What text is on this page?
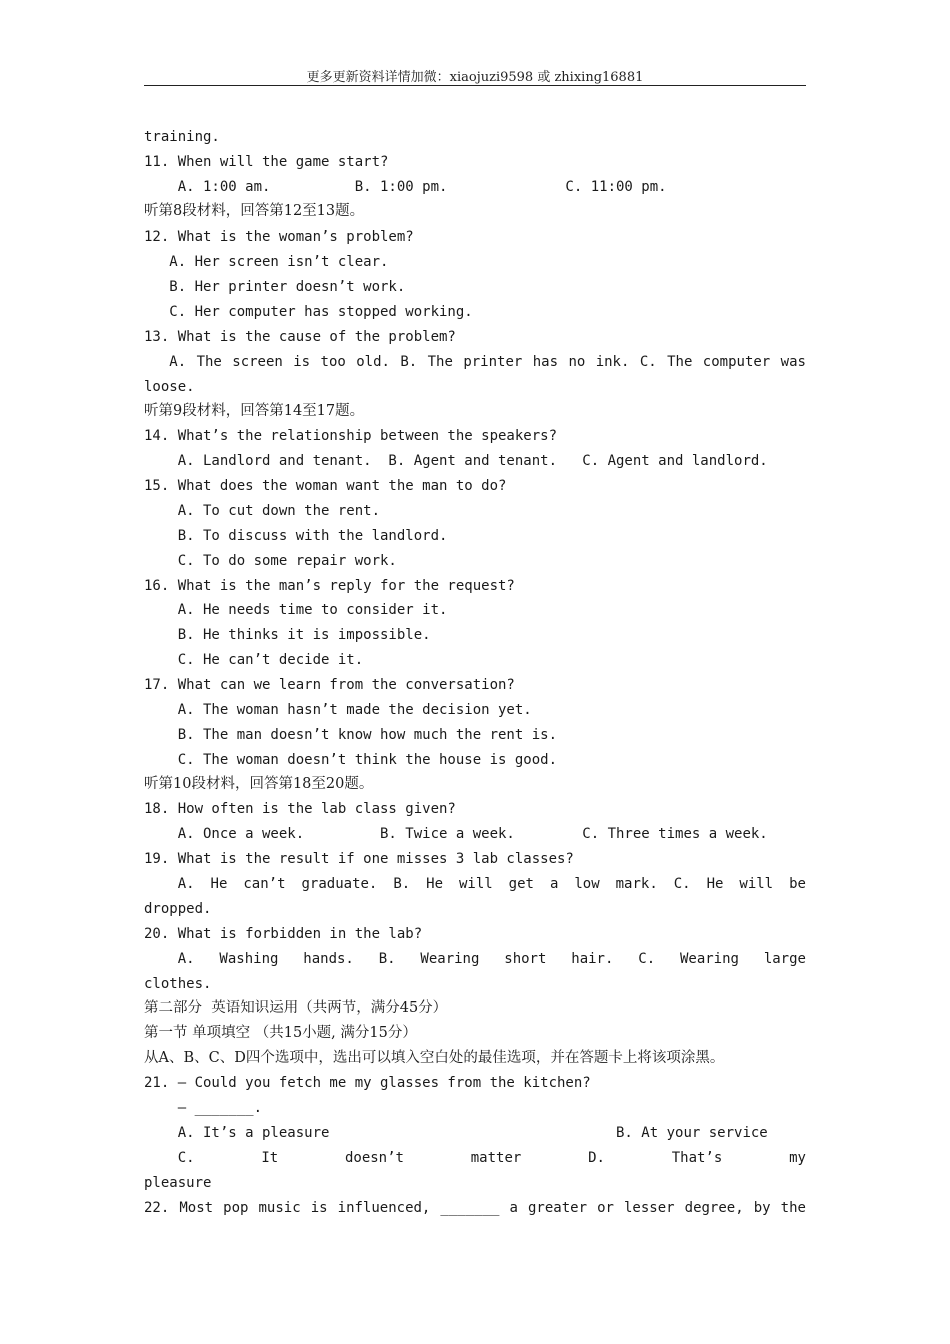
更多更新资料详情加微：xiaojuzi9598 或 zhixing16881
training.
11. When will the game start?
A. 1:00 am.          B. 1:00 pm.              C. 11:00 pm.
听第8段材料，回答第12至13题。
12. What is the woman’s problem?
A. Her screen isn’t clear.
B. Her printer doesn’t work.
C. Her computer has stopped working.
13. What is the cause of the problem?
A. The screen is too old. B. The printer has no ink. C. The computer was
loose.
听第9段材料，回答第14至17题。
14. What’s the relationship between the speakers?
A. Landlord and tenant.  B. Agent and tenant.   C. Agent and landlord.
15. What does the woman want the man to do?
A. To cut down the rent.
B. To discuss with the landlord.
C. To do some repair work.
16. What is the man’s reply for the request?
A. He needs time to consider it.
B. He thinks it is impossible.
C. He can’t decide it.
17. What can we learn from the conversation?
A. The woman hasn’t made the decision yet.
B. The man doesn’t know how much the rent is.
C. The woman doesn’t think the house is good.
听第10段材料，回答第18至20题。
18. How often is the lab class given?
A. Once a week.         B. Twice a week.        C. Three times a week.
19. What is the result if one misses 3 lab classes?
A. He can’t graduate. B. He will get a low mark. C. He will be
dropped.
20. What is forbidden in the lab?
A. Washing hands. B. Wearing short hair. C. Wearing large
clothes.
第二部分  英语知识运用（共两节，满分45分）
第一节 单项填空 （共15小题, 满分15分）
从A、B、C、D四个选项中，选出可以填入空白处的最佳选项，并在答题卡上将该项涂黑。
21. — Could you fetch me my glasses from the kitchen?
— _______.
A. It’s a pleasure                                  B. At your service
C.	It	doesn’t	matter	D.	That’s	my
pleasure
22. Most pop music is influenced, _______ a greater or lesser degree, by the
